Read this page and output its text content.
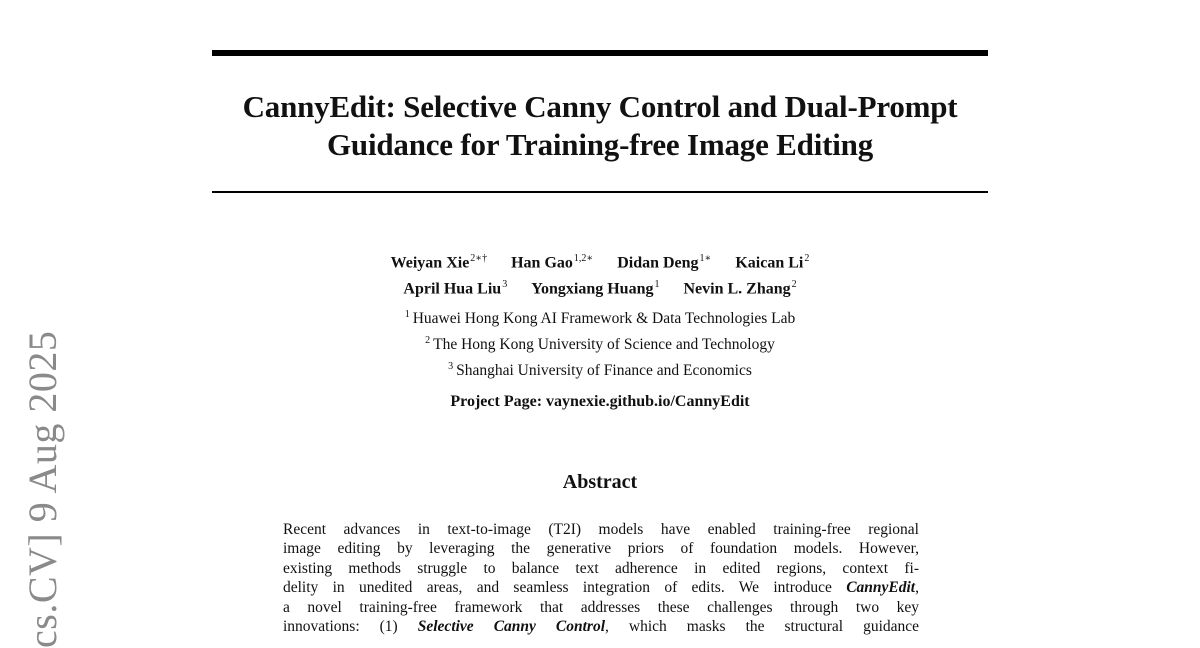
CannyEdit: Selective Canny Control and Dual-Prompt
Guidance for Training-free Image Editing
Weiyan Xie$^{2∗\dagger}$ Han Gao$^{1,2∗}$ Didan Deng$^{1∗}$ Kaican Li$^2$
April Hua Liu$^3$ Yongxiang Huang$^1$ Nevin L. Zhang$^2$
$^1$ Huawei Hong Kong AI Framework & Data Technologies Lab
$^2$ The Hong Kong University of Science and Technology
$^3$ Shanghai University of Finance and Economics
Project Page: vaynexie.github.io/CannyEdit
Abstract
Recent advances in text-to-image (T2I) models have enabled training-free regional
image editing by leveraging the generative priors of foundation models. However,
existing methods struggle to balance text adherence in edited regions, context fi-
delity in unedited areas, and seamless integration of edits. We introduce CannyEdit,
a novel training-free framework that addresses these challenges through two key
innovations: (1) Selective Canny Control, which masks the structural guidance
cs.CV] 9 Aug 2025
